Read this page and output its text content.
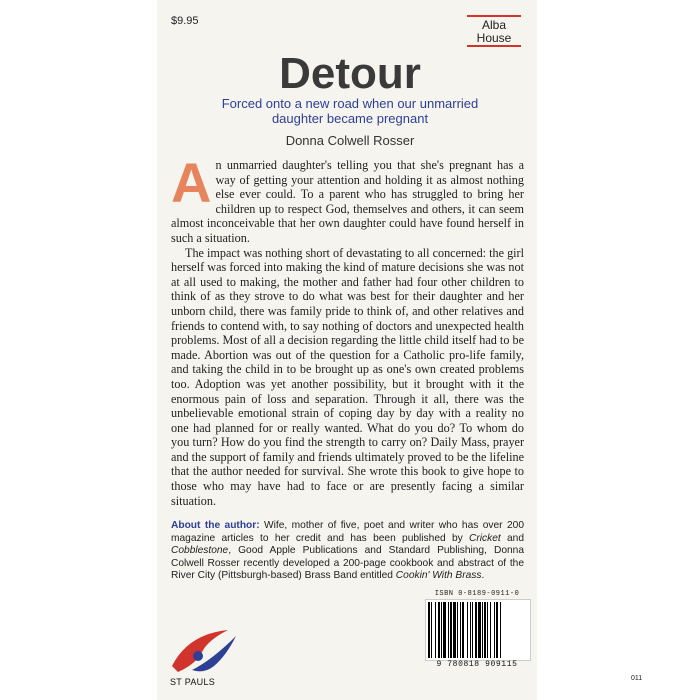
$9.95	Alba
House
Detour
Forced onto a new road when our unmarried daughter became pregnant
Donna Colwell Rosser

An unmarried daughter's telling you that she's pregnant has a way of getting your attention and holding it as almost nothing else ever could. To a parent who has struggled to bring her children up to respect God, themselves and others, it can seem almost inconceivable that her own daughter could have found herself in such a situation.

The impact was nothing short of devastating to all concerned: the girl herself was forced into making the kind of mature decisions she was not at all used to making, the mother and father had four other children to think of as they strove to do what was best for their daughter and her unborn child, there was family pride to think of, and other relatives and friends to contend with, to say nothing of doctors and unexpected health problems. Most of all a decision regarding the little child itself had to be made. Abortion was out of the question for a Catholic pro-life family, and taking the child in to be brought up as one's own created problems too. Adoption was yet another possibility, but it brought with it the enormous pain of loss and separation. Through it all, there was the unbelievable emotional strain of coping day by day with a reality no one had planned for or really wanted. What do you do? To whom do you turn? How do you find the strength to carry on? Daily Mass, prayer and the support of family and friends ultimately proved to be the lifeline that the author needed for survival. She wrote this book to give hope to those who may have had to face or are presently facing a similar situation.

About the author: Wife, mother of five, poet and writer who has over 200 magazine articles to her credit and has been published by Cricket and Cobblestone, Good Apple Publications and Standard Publishing, Donna Colwell Rosser recently developed a 200-page cookbook and abstract of the River City (Pittsburgh-based) Brass Band entitled Cookin' With Brass.
ISBN 0-8189-0911-0
9 780818 909115
ST PAULS	011
